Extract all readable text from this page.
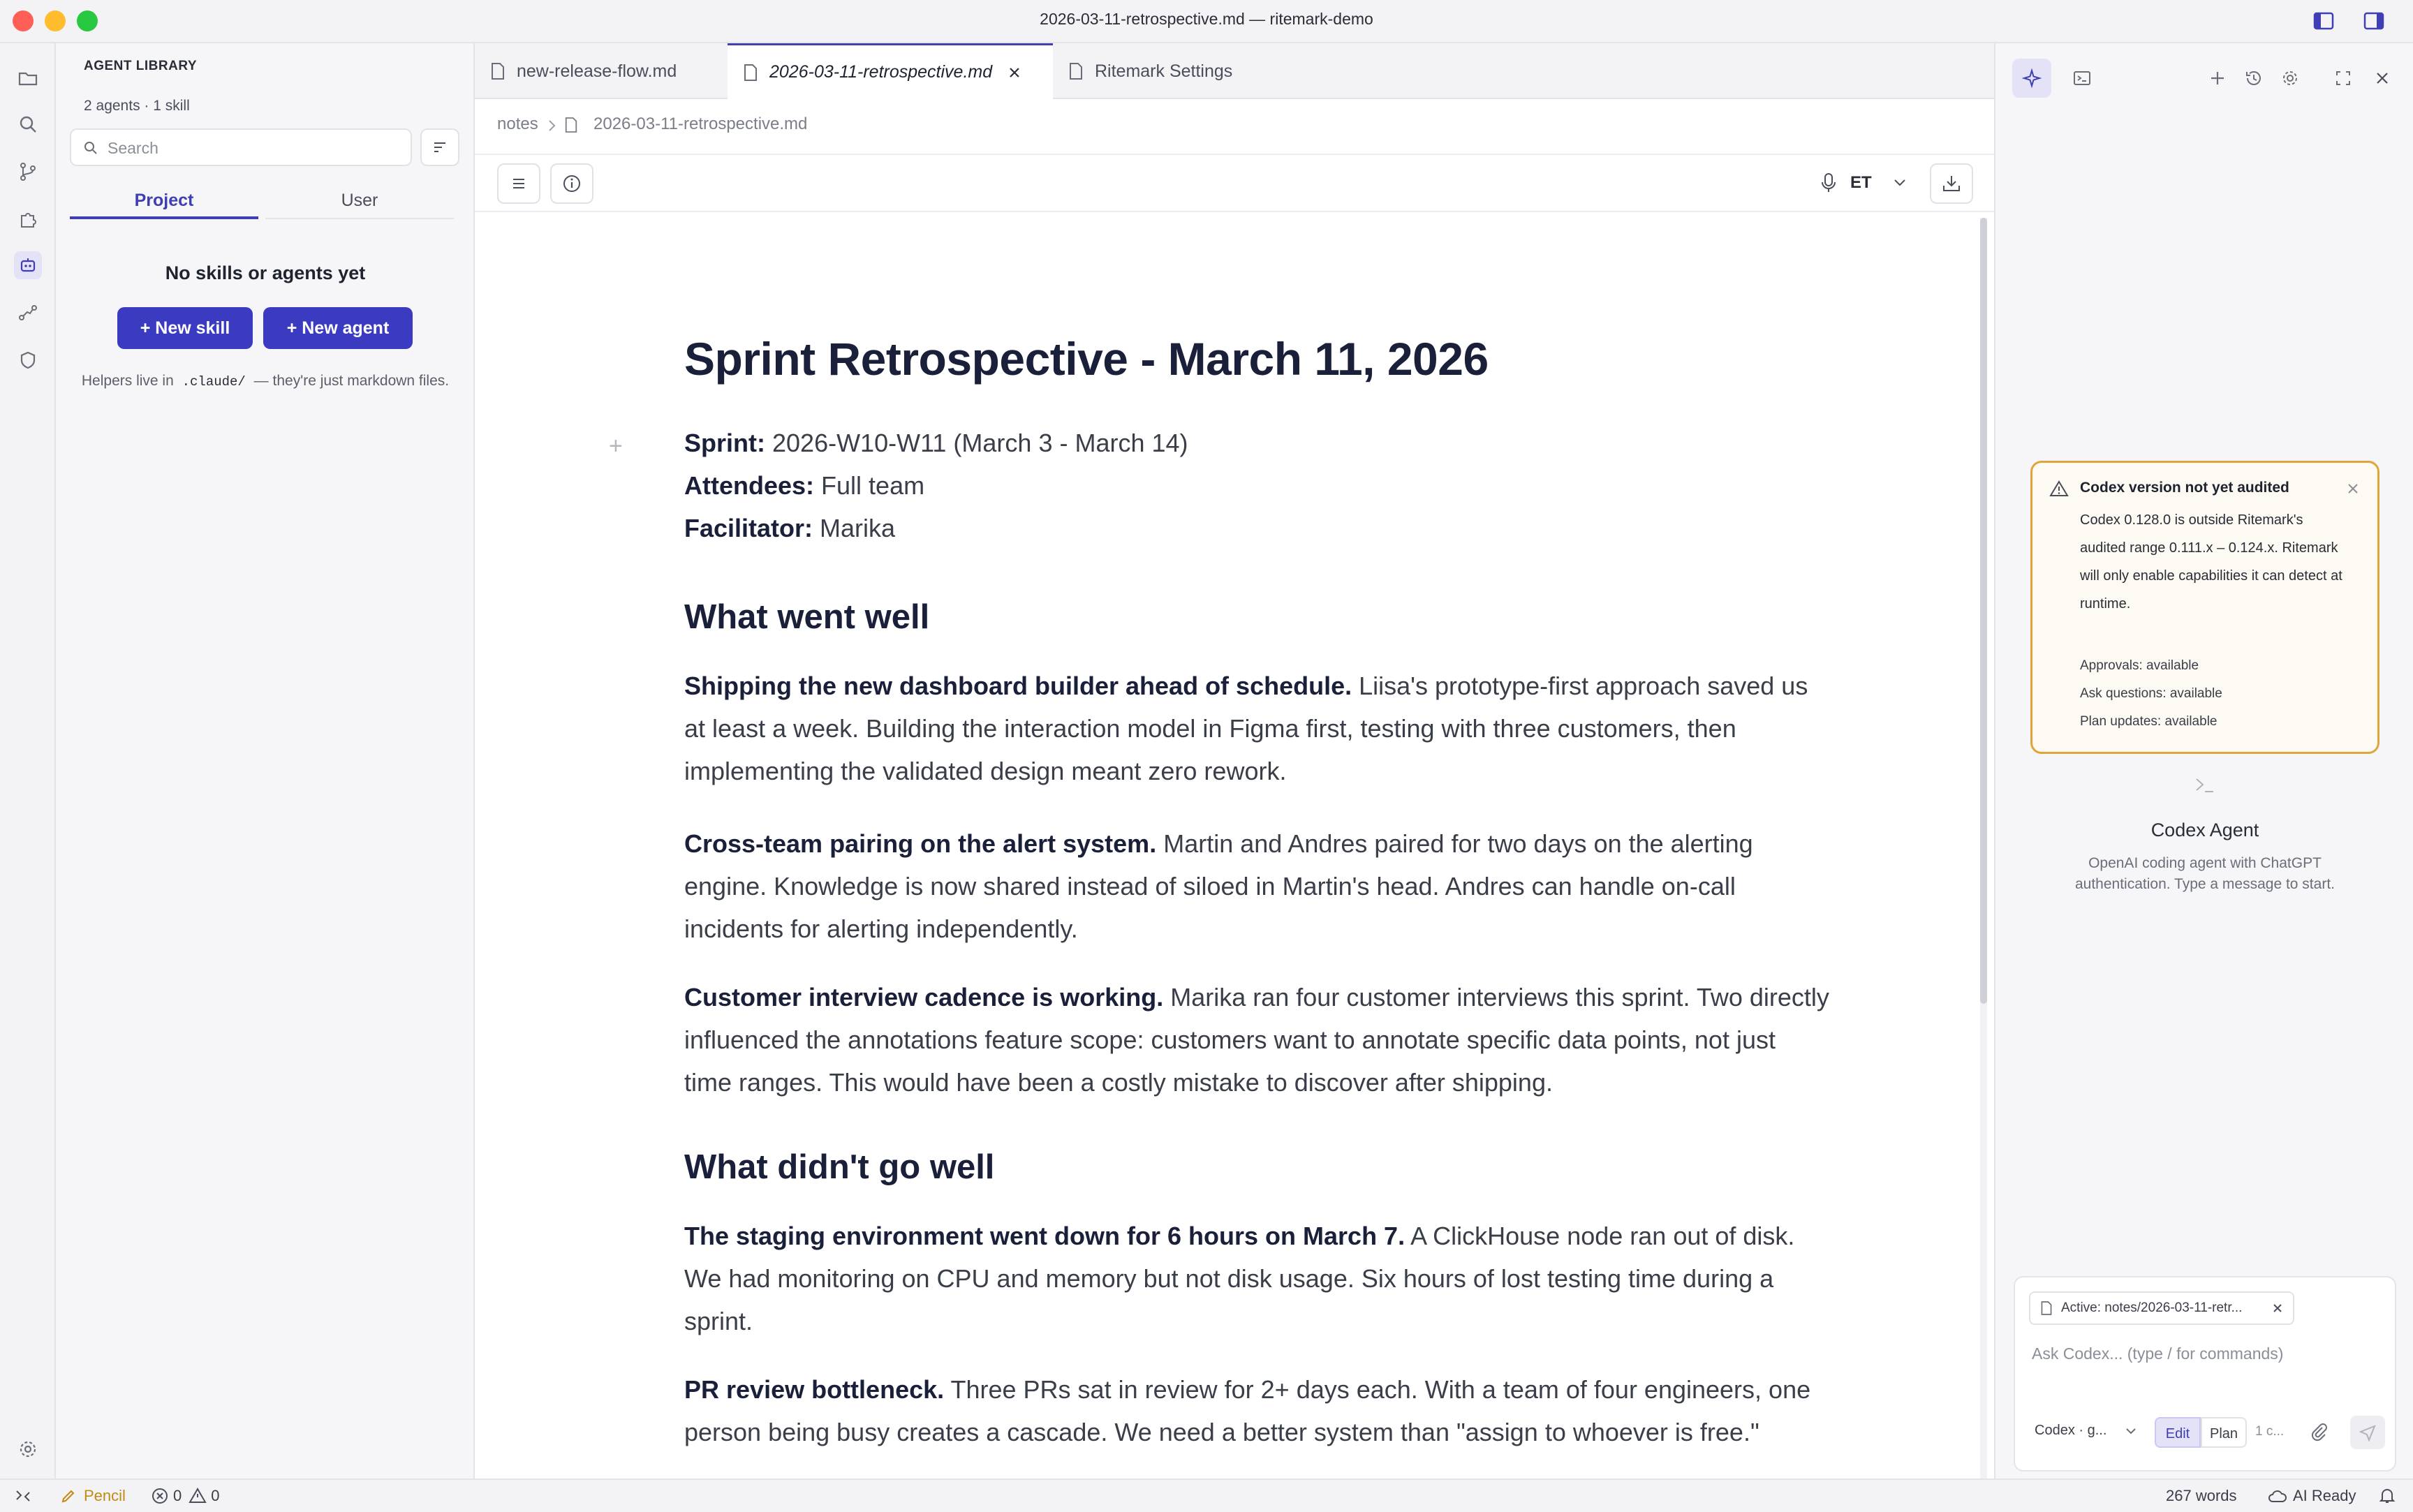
2026-03-11-retrospective.md — ritemark-demo
AGENT LIBRARY
2 agents · 1 skill
Search
Project	User
No skills or agents yet
+ New skill	+ New agent
Helpers live in .claude/ — they're just markdown files.
new-release-flow.md	2026-03-11-retrospective.md	Ritemark Settings
notes	2026-03-11-retrospective.md
ET
+
Sprint Retrospective - March 11, 2026
Sprint: 2026-W10-W11 (March 3 - March 14)
Attendees: Full team
Facilitator: Marika
What went well

Shipping the new dashboard builder ahead of schedule. Liisa's prototype-first approach saved us at least a week. Building the interaction model in Figma first, testing with three customers, then implementing the validated design meant zero rework.

Cross-team pairing on the alert system. Martin and Andres paired for two days on the alerting engine. Knowledge is now shared instead of siloed in Martin's head. Andres can handle on-call incidents for alerting independently.

Customer interview cadence is working. Marika ran four customer interviews this sprint. Two directly influenced the annotations feature scope: customers want to annotate specific data points, not just time ranges. This would have been a costly mistake to discover after shipping.

What didn't go well

The staging environment went down for 6 hours on March 7. A ClickHouse node ran out of disk. We had monitoring on CPU and memory but not disk usage. Six hours of lost testing time during a sprint.

PR review bottleneck. Three PRs sat in review for 2+ days each. With a team of four engineers, one person being busy creates a cascade. We need a better system than "assign to whoever is free."

Codex version not yet audited
Codex 0.128.0 is outside Ritemark's audited range 0.111.x – 0.124.x. Ritemark will only enable capabilities it can detect at runtime.
Approvals: available
Ask questions: available
Plan updates: available
Codex Agent
OpenAI coding agent with ChatGPT authentication. Type a message to start.
Active: notes/2026-03-11-retr...
Ask Codex... (type / for commands)
Codex · g...	Edit	Plan	1 c...
Pencil	0 0	267 words	AI Ready
